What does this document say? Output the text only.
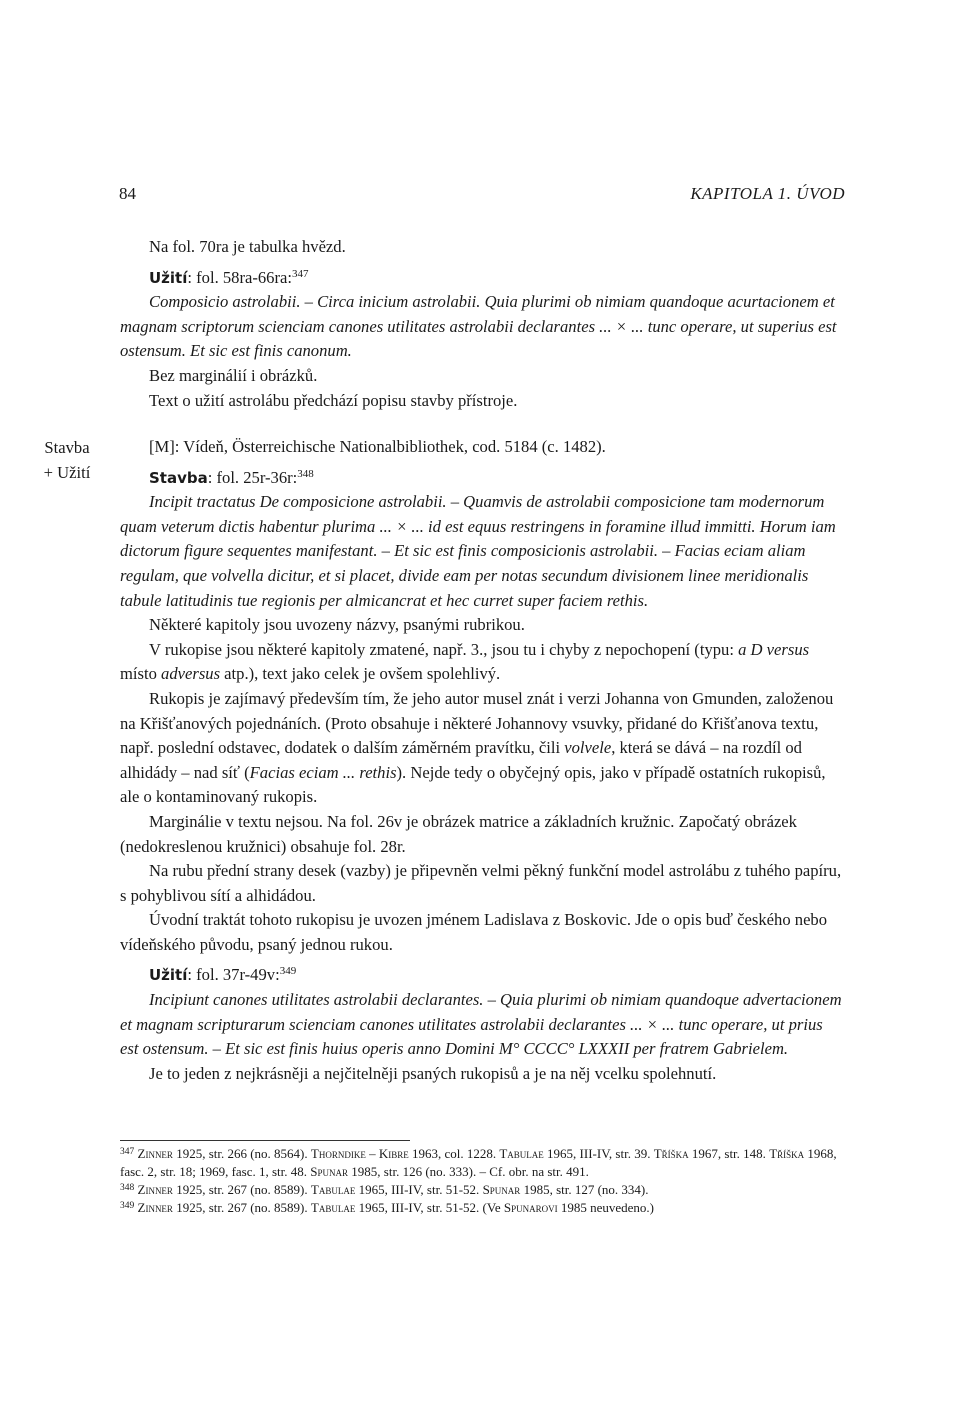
84	KAPITOLA 1. ÚVOD

Na fol. 70ra je tabulka hvězd.

Užití: fol. 58ra-66ra:$^{347}$

Composicio astrolabii. – Circa inicium astrolabii. Quia plurimi ob nimiam quandoque acurtacionem et magnam scriptorum scienciam canones utilitates astrolabii declarantes ... × ... tunc operare, ut superius est ostensum. Et sic est finis canonum.

Bez marginálií i obrázků.

Text o užití astrolábu předchází popisu stavby přístroje.

Stavba
+ Užití

[M]: Vídeň, Österreichische Nationalbibliothek, cod. 5184 (c. 1482).

Stavba: fol. 25r-36r:$^{348}$

Incipit tractatus De composicione astrolabii. – Quamvis de astrolabii composicione tam modernorum quam veterum dictis habentur plurima ... × ... id est equus restringens in foramine illud immitti. Horum iam dictorum figure sequentes manifestant. – Et sic est finis composicionis astrolabii. – Facias eciam aliam regulam, que volvella dicitur, et si placet, divide eam per notas secundum divisionem linee meridionalis tabule latitudinis tue regionis per almicancrat et hec curret super faciem rethis.

Některé kapitoly jsou uvozeny názvy, psanými rubrikou.

V rukopise jsou některé kapitoly zmatené, např. 3., jsou tu i chyby z nepochopení (typu: a D versus místo adversus atp.), text jako celek je ovšem spolehlivý.

Rukopis je zajímavý především tím, že jeho autor musel znát i verzi Johanna von Gmunden, založenou na Křišťanových pojednáních. (Proto obsahuje i některé Johannovy vsuvky, přidané do Křišťanova textu, např. poslední odstavec, dodatek o dalším záměrném pravítku, čili volvele, která se dává – na rozdíl od alhidády – nad síť (Facias eciam ... rethis). Nejde tedy o obyčejný opis, jako v případě ostatních rukopisů, ale o kontaminovaný rukopis.

Marginálie v textu nejsou. Na fol. 26v je obrázek matrice a základních kružnic. Započatý obrázek (nedokreslenou kružnici) obsahuje fol. 28r.

Na rubu přední strany desek (vazby) je připevněn velmi pěkný funkční model astrolábu z tuhého papíru, s pohyblivou sítí a alhidádou.

Úvodní traktát tohoto rukopisu je uvozen jménem Ladislava z Boskovic. Jde o opis buď českého nebo vídeňského původu, psaný jednou rukou.

Užití: fol. 37r-49v:$^{349}$

Incipiunt canones utilitates astrolabii declarantes. – Quia plurimi ob nimiam quandoque advertacionem et magnam scripturarum scienciam canones utilitates astrolabii declarantes ... × ... tunc operare, ut prius est ostensum. – Et sic est finis huius operis anno Domini M° CCCC° LXXXII per fratrem Gabrielem.

Je to jeden z nejkrásněji a nejčitelněji psaných rukopisů a je na něj vcelku spolehnutí.

$^{347}$ Zinner 1925, str. 266 (no. 8564). Thorndike – Kibre 1963, col. 1228. Tabulae 1965, III-IV, str. 39. Tříška 1967, str. 148. Tříška 1968, fasc. 2, str. 18; 1969, fasc. 1, str. 48. Spunar 1985, str. 126 (no. 333). – Cf. obr. na str. 491.

$^{348}$ Zinner 1925, str. 267 (no. 8589). Tabulae 1965, III-IV, str. 51-52. Spunar 1985, str. 127 (no. 334).

$^{349}$ Zinner 1925, str. 267 (no. 8589). Tabulae 1965, III-IV, str. 51-52. (Ve Spunarovi 1985 neuvedeno.)
